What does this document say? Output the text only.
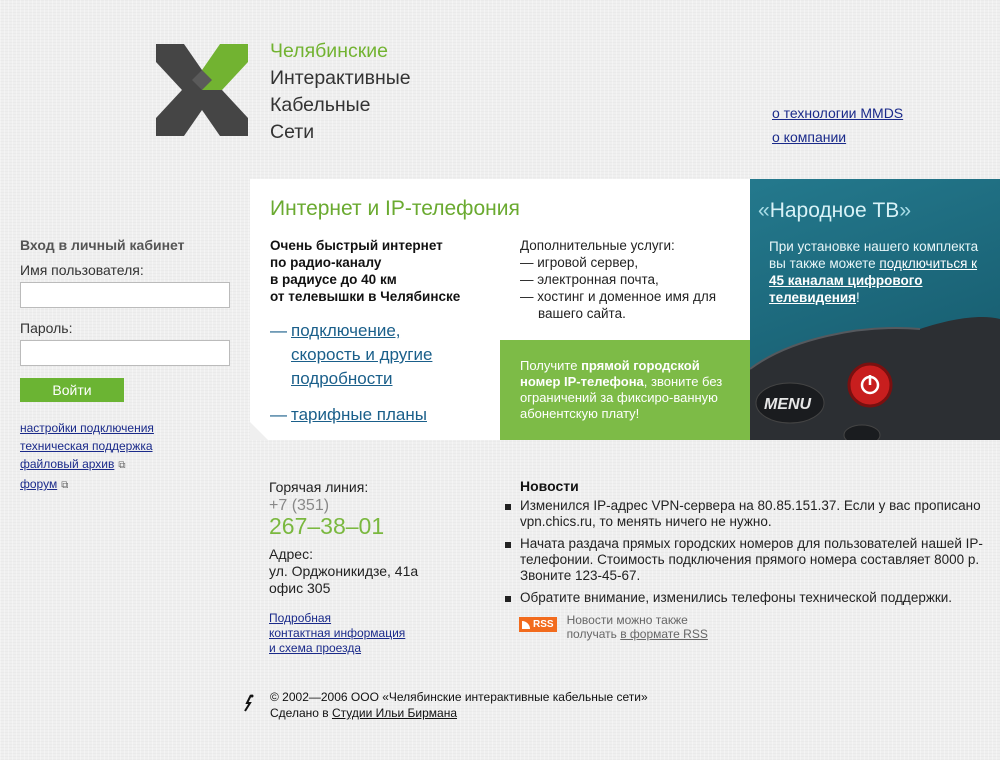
Челябинские
Интерактивные
Кабельные
Сети
о технологии MMDS
о компании
Вход в личный кабинет
Имя пользователя:
Пароль:
Войти
настройки подключения
техническая поддержка
файловый архив ⧉
форум ⧉
Интернет и IP-телефония
Очень быстрый интернет
по радио-каналу
в радиусе до 40 км
от телевышки в Челябинске
— подключение,
скорость и другие
подробности
— тарифные планы
Дополнительные услуги:
— игровой сервер,
— электронная почта,
— хостинг и доменное имя для
вашего сайта.
Получите прямой городской номер IP-телефона, звоните без ограничений за фиксиро-ванную абонентскую плату!
«Народное ТВ»
При установке нашего комплекта вы также можете подключиться к 45 каналам цифрового телевидения!
MENU
Горячая линия:
+7 (351)
267–38–01
Адрес:
ул. Орджоникидзе, 41а
офис 305
Подробная
контактная информация
и схема проезда
Новости
Изменился IP-адрес VPN-сервера на 80.85.151.37. Если у вас прописано vpn.chics.ru, то менять ничего не нужно.
Начата раздача прямых городских номеров для пользователей нашей IP-телефонии. Стоимость подключения прямого номера составляет 8000 р. Звоните 123-45-67.
Обратите внимание, изменились телефоны технической поддержки.
RSS Новости можно также
получать в формате RSS
© 2002—2006 ООО «Челябинские интерактивные кабельные сети»
Сделано в Студии Ильи Бирмана
